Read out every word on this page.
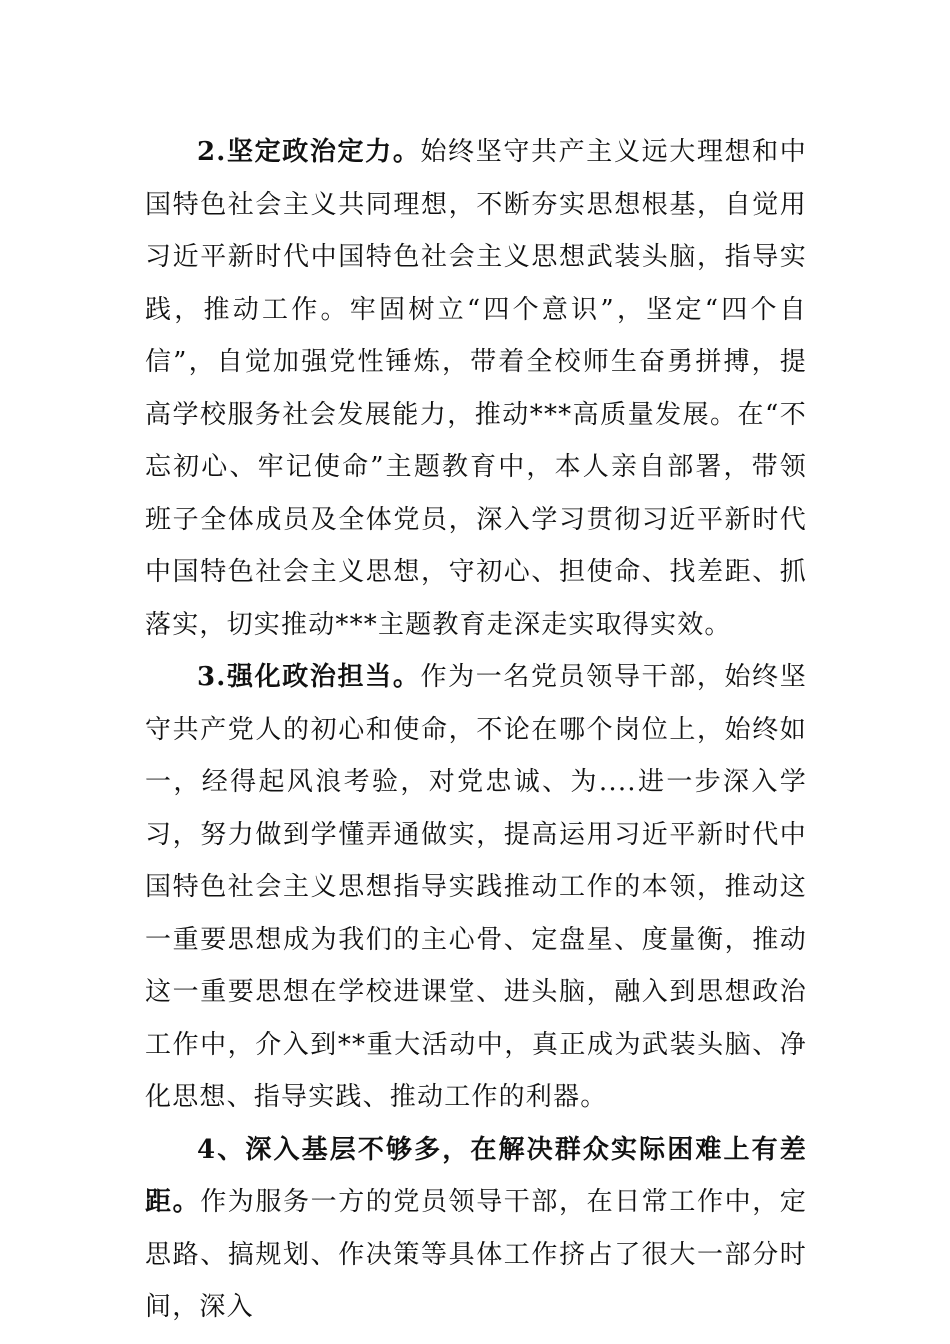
2.坚定政治定力。始终坚守共产主义远大理想和中国特色社会主义共同理想，不断夯实思想根基，自觉用习近平新时代中国特色社会主义思想武装头脑，指导实践，推动工作。牢固树立“四个意识”，坚定“四个自信”，自觉加强党性锤炼，带着全校师生奋勇拼搏，提高学校服务社会发展能力，推动***高质量发展。在“不忘初心、牢记使命”主题教育中，本人亲自部署，带领班子全体成员及全体党员，深入学习贯彻习近平新时代中国特色社会主义思想，守初心、担使命、找差距、抓落实，切实推动***主题教育走深走实取得实效。

3.强化政治担当。作为一名党员领导干部，始终坚守共产党人的初心和使命，不论在哪个岗位上，始终如一，经得起风浪考验，对党忠诚、为....进一步深入学习，努力做到学懂弄通做实，提高运用习近平新时代中国特色社会主义思想指导实践推动工作的本领，推动这一重要思想成为我们的主心骨、定盘星、度量衡，推动这一重要思想在学校进课堂、进头脑，融入到思想政治工作中，介入到**重大活动中，真正成为武装头脑、净化思想、指导实践、推动工作的利器。

4、深入基层不够多，在解决群众实际困难上有差距。作为服务一方的党员领导干部，在日常工作中，定思路、搞规划、作决策等具体工作挤占了很大一部分时间，深入
